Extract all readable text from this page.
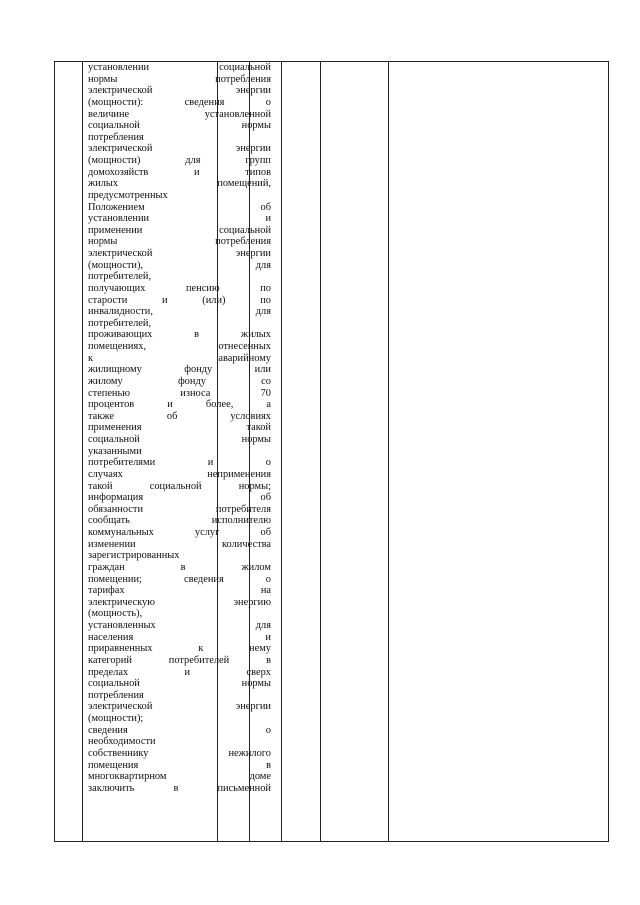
установлении социальной
нормы потребления
электрической энергии
(мощности): сведения о
величине установленной
социальной нормы
потребления
электрической энергии
(мощности) для групп
домохозяйств и типов
жилых помещений,
предусмотренных
Положением об
установлении и
применении социальной
нормы потребления
электрической энергии
(мощности), для
потребителей,
получающих пенсию по
старости и (или) по
инвалидности, для
потребителей,
проживающих в жилых
помещениях, отнесенных
к аварийному
жилищному фонду или
жилому фонду со
степенью износа 70
процентов и более, а
также об условиях
применения такой
социальной нормы
указанными
потребителями и о
случаях неприменения
такой социальной нормы;
информация об
обязанности потребителя
сообщать исполнителю
коммунальных услуг об
изменении количества
зарегистрированных
граждан в жилом
помещении; сведения о
тарифах на
электрическую энергию
(мощность),
установленных для
населения и
приравненных к нему
категорий потребителей в
пределах и сверх
социальной нормы
потребления
электрической энергии
(мощности);
сведения о
необходимости
собственнику нежилого
помещения в
многоквартирном доме
заключить в письменной
